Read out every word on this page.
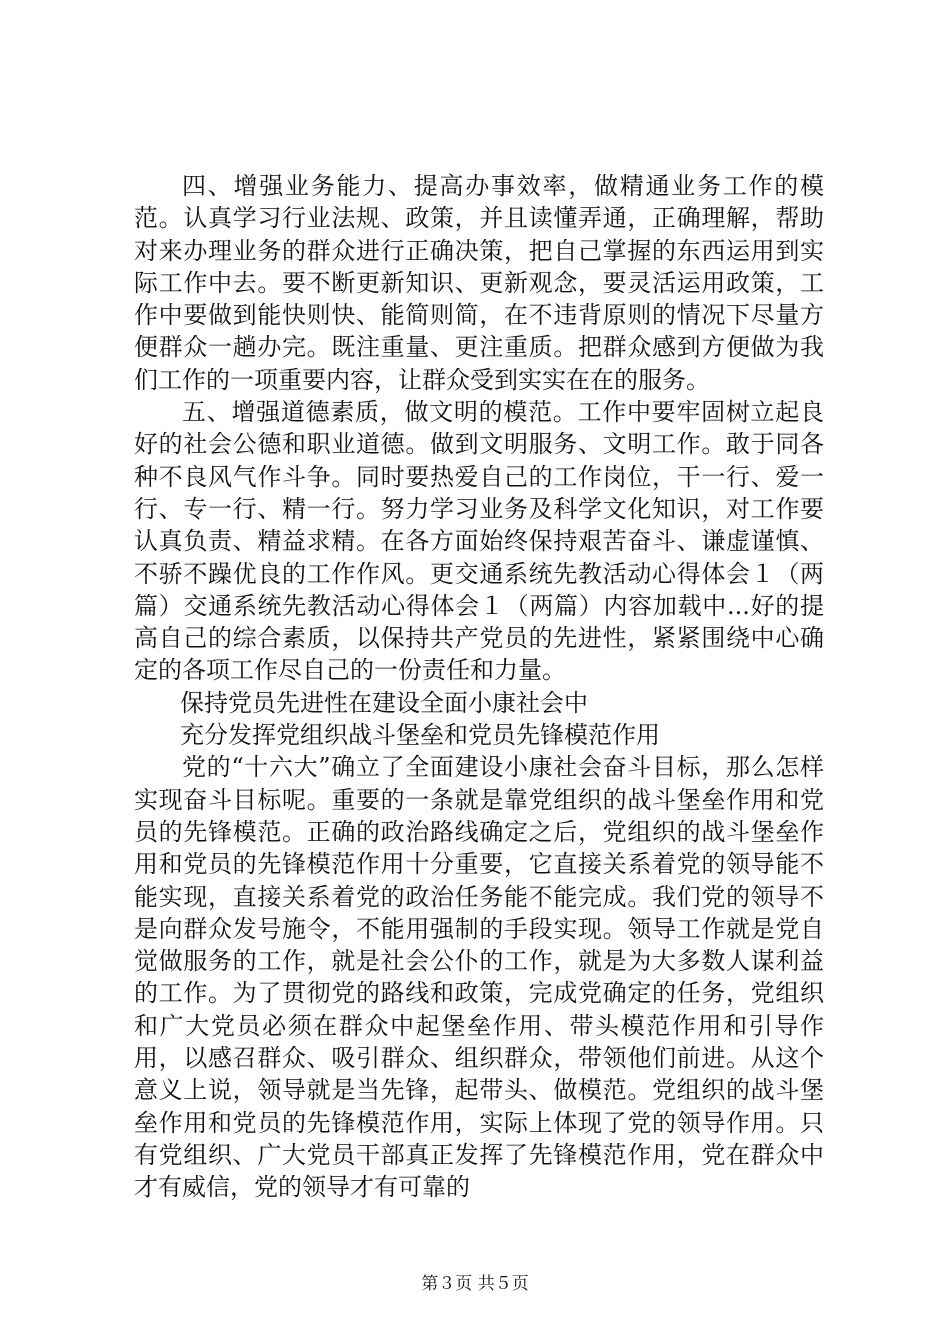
四、增强业务能力、提高办事效率，做精通业务工作的模范。认真学习行业法规、政策，并且读懂弄通，正确理解，帮助对来办理业务的群众进行正确决策，把自己掌握的东西运用到实际工作中去。要不断更新知识、更新观念，要灵活运用政策，工作中要做到能快则快、能简则简，在不违背原则的情况下尽量方便群众一趟办完。既注重量、更注重质。把群众感到方便做为我们工作的一项重要内容，让群众受到实实在在的服务。

五、增强道德素质，做文明的模范。工作中要牢固树立起良好的社会公德和职业道德。做到文明服务、文明工作。敢于同各种不良风气作斗争。同时要热爱自己的工作岗位，干一行、爱一行、专一行、精一行。努力学习业务及科学文化知识，对工作要认真负责、精益求精。在各方面始终保持艰苦奋斗、谦虚谨慎、不骄不躁优良的工作作风。更交通系统先教活动心得体会１（两篇）交通系统先教活动心得体会１（两篇）内容加载中...好的提高自己的综合素质，以保持共产党员的先进性，紧紧围绕中心确定的各项工作尽自己的一份责任和力量。

保持党员先进性在建设全面小康社会中

充分发挥党组织战斗堡垒和党员先锋模范作用

党的“十六大”确立了全面建设小康社会奋斗目标，那么怎样实现奋斗目标呢。重要的一条就是靠党组织的战斗堡垒作用和党员的先锋模范。正确的政治路线确定之后，党组织的战斗堡垒作用和党员的先锋模范作用十分重要，它直接关系着党的领导能不能实现，直接关系着党的政治任务能不能完成。我们党的领导不是向群众发号施令，不能用强制的手段实现。领导工作就是党自觉做服务的工作，就是社会公仆的工作，就是为大多数人谋利益的工作。为了贯彻党的路线和政策，完成党确定的任务，党组织和广大党员必须在群众中起堡垒作用、带头模范作用和引导作用，以感召群众、吸引群众、组织群众，带领他们前进。从这个意义上说，领导就是当先锋，起带头、做模范。党组织的战斗堡垒作用和党员的先锋模范作用，实际上体现了党的领导作用。只有党组织、广大党员干部真正发挥了先锋模范作用，党在群众中才有威信，党的领导才有可靠的

第３页 共５页
